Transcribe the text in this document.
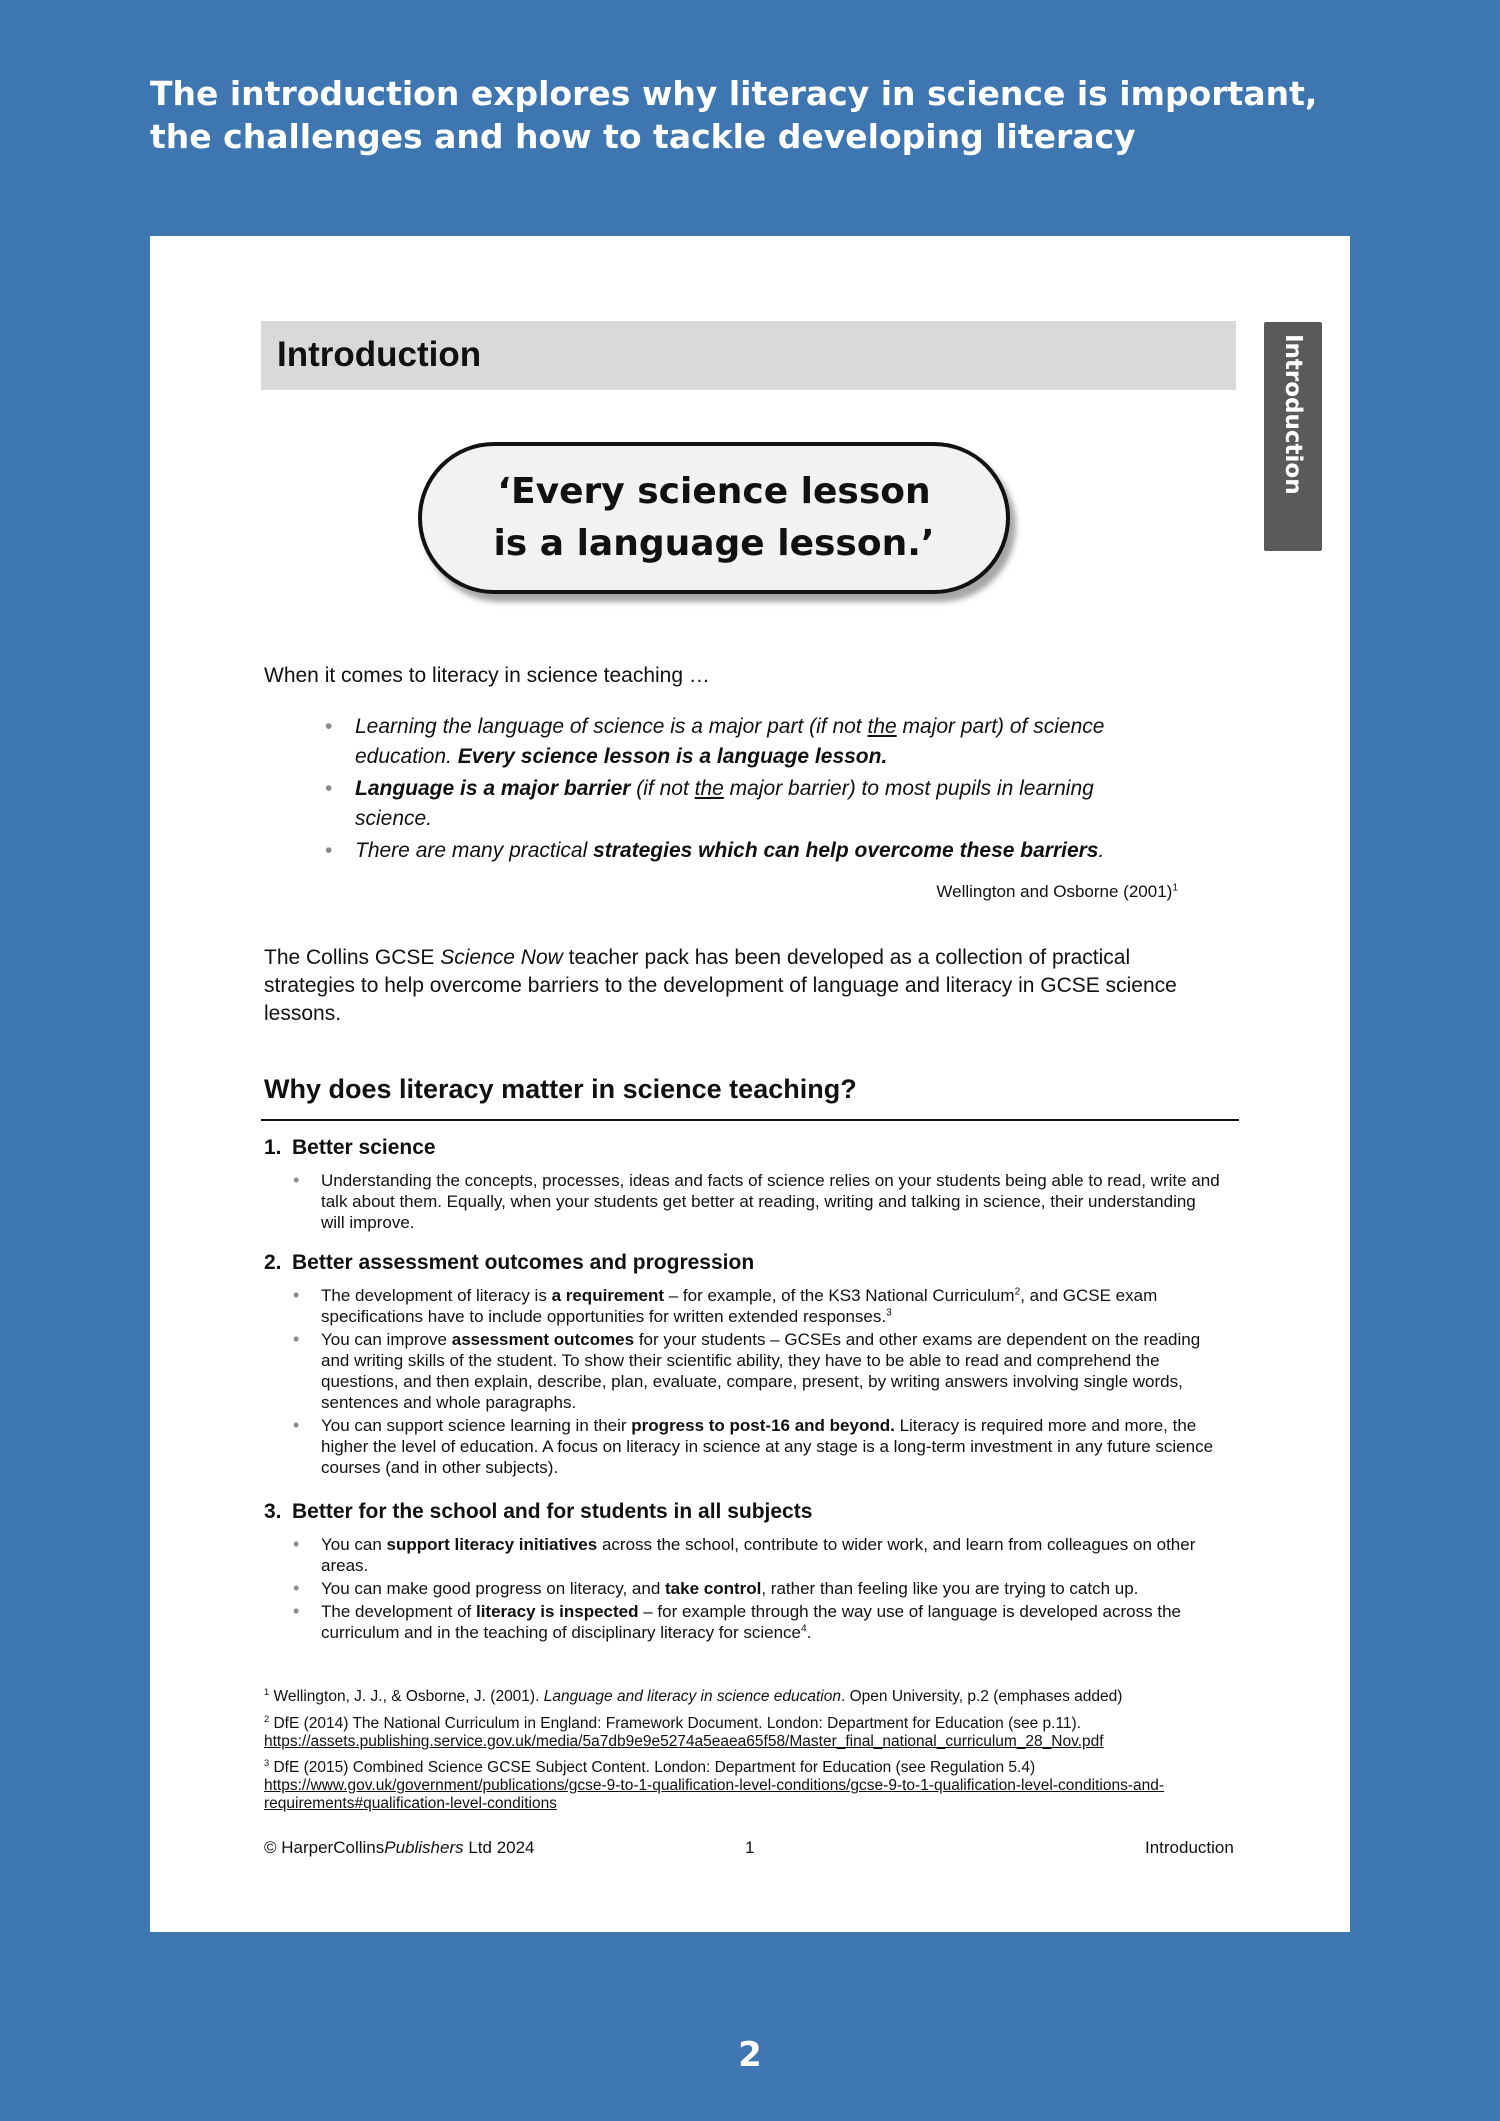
The introduction explores why literacy in science is important,
the challenges and how to tackle developing literacy
Introduction
Introduction
‘Every science lesson
is a language lesson.’
When it comes to literacy in science teaching …
• Learning the language of science is a major part (if not the major part) of science education. Every science lesson is a language lesson.
• Language is a major barrier (if not the major barrier) to most pupils in learning science.
• There are many practical strategies which can help overcome these barriers.
Wellington and Osborne $(2001)^1$
The Collins GCSE Science Now teacher pack has been developed as a collection of practical strategies to help overcome barriers to the development of language and literacy in GCSE science lessons.
Why does literacy matter in science teaching?
1. Better science
• Understanding the concepts, processes, ideas and facts of science relies on your students being able to read, write and talk about them. Equally, when your students get better at reading, writing and talking in science, their understanding will improve.
2. Better assessment outcomes and progression
• The development of literacy is a requirement – for example, of the KS3 National Curriculum$^2$, and GCSE exam specifications have to include opportunities for written extended responses.$^3$
• You can improve assessment outcomes for your students – GCSEs and other exams are dependent on the reading and writing skills of the student. To show their scientific ability, they have to be able to read and comprehend the questions, and then explain, describe, plan, evaluate, compare, present, by writing answers involving single words, sentences and whole paragraphs.
• You can support science learning in their progress to post-16 and beyond. Literacy is required more and more, the higher the level of education. A focus on literacy in science at any stage is a long-term investment in any future science courses (and in other subjects).
3. Better for the school and for students in all subjects
• You can support literacy initiatives across the school, contribute to wider work, and learn from colleagues on other areas.
• You can make good progress on literacy, and take control, rather than feeling like you are trying to catch up.
• The development of literacy is inspected – for example through the way use of language is developed across the curriculum and in the teaching of disciplinary literacy for science$^4$.
$^1$ Wellington, J. J., & Osborne, J. (2001). Language and literacy in science education. Open University, p.2 (emphases added)
$^2$ DfE (2014) The National Curriculum in England: Framework Document. London: Department for Education (see p.11).
https://assets.publishing.service.gov.uk/media/5a7db9e9e5274a5eaea65f58/Master_final_national_curriculum_28_Nov.pdf
$^3$ DfE (2015) Combined Science GCSE Subject Content. London: Department for Education (see Regulation 5.4)
https://www.gov.uk/government/publications/gcse-9-to-1-qualification-level-conditions/gcse-9-to-1-qualification-level-conditions-and-requirements#qualification-level-conditions
© HarperCollinsPublishers Ltd 2024	1	Introduction
2
